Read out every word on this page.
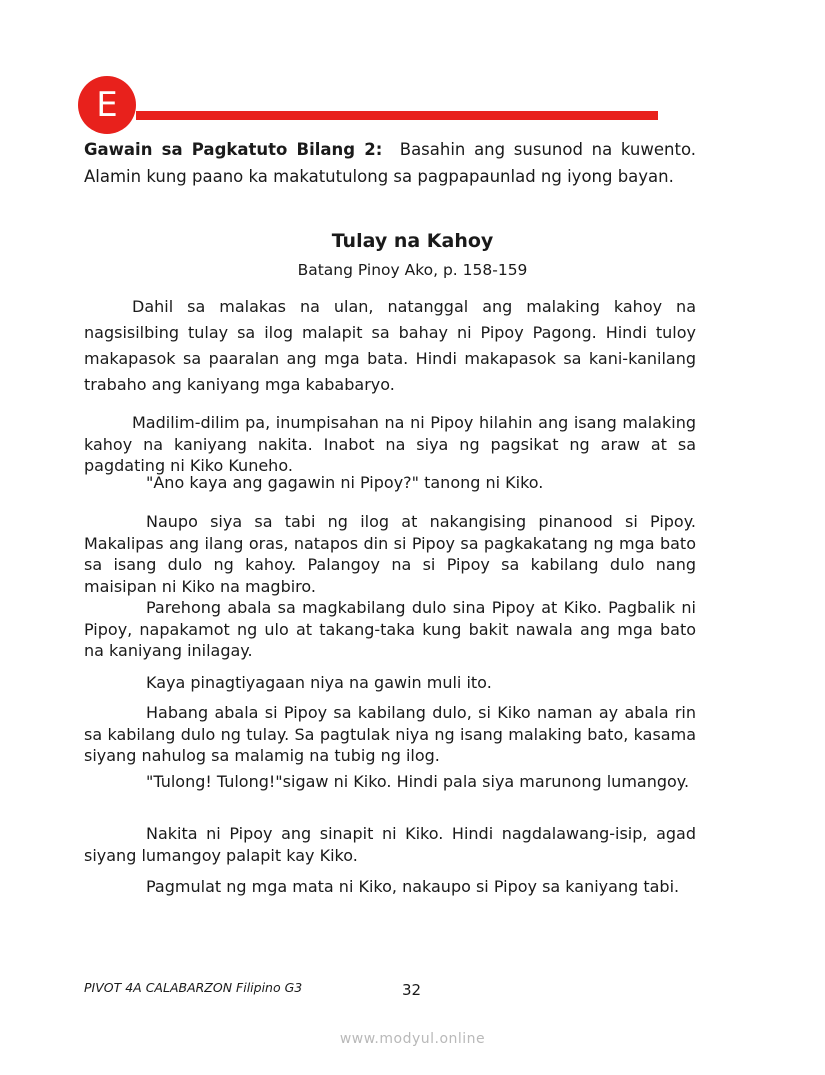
E

Gawain sa Pagkatuto Bilang 2: Basahin ang susunod na kuwento. Alamin kung paano ka makatutulong sa pagpapaunlad ng iyong bayan.

Tulay na Kahoy

Batang Pinoy Ako, p. 158-159

Dahil sa malakas na ulan, natanggal ang malaking kahoy na nagsisilbing tulay sa ilog malapit sa bahay ni Pipoy Pagong. Hindi tuloy makapasok sa paaralan ang mga bata. Hindi makapasok sa kani-kanilang trabaho ang kaniyang mga kababaryo.

Madilim-dilim pa, inumpisahan na ni Pipoy hilahin ang isang malaking kahoy na kaniyang nakita. Inabot na siya ng pagsikat ng araw at sa pagdating ni Kiko Kuneho.

"Ano kaya ang gagawin ni Pipoy?" tanong ni Kiko.

Naupo siya sa tabi ng ilog at nakangising pinanood si Pipoy. Makalipas ang ilang oras, natapos din si Pipoy sa pagkakatang ng mga bato sa isang dulo ng kahoy. Palangoy na si Pipoy sa kabilang dulo nang maisipan ni Kiko na magbiro.

Parehong abala sa magkabilang dulo sina Pipoy at Kiko. Pagbalik ni Pipoy, napakamot ng ulo at takang-taka kung bakit nawala ang mga bato na kaniyang inilagay.

Kaya pinagtiyagaan niya na gawin muli ito.

Habang abala si Pipoy sa kabilang dulo, si Kiko naman ay abala rin sa kabilang dulo ng tulay. Sa pagtulak niya ng isang malaking bato, kasama siyang nahulog sa malamig na tubig ng ilog.

"Tulong! Tulong!"sigaw ni Kiko. Hindi pala siya marunong lumangoy.

Nakita ni Pipoy ang sinapit ni Kiko. Hindi nagdalawang-isip, agad siyang lumangoy palapit kay Kiko.

Pagmulat ng mga mata ni Kiko, nakaupo si Pipoy sa kaniyang tabi.

PIVOT 4A CALABARZON Filipino G3	32
www.modyul.online
